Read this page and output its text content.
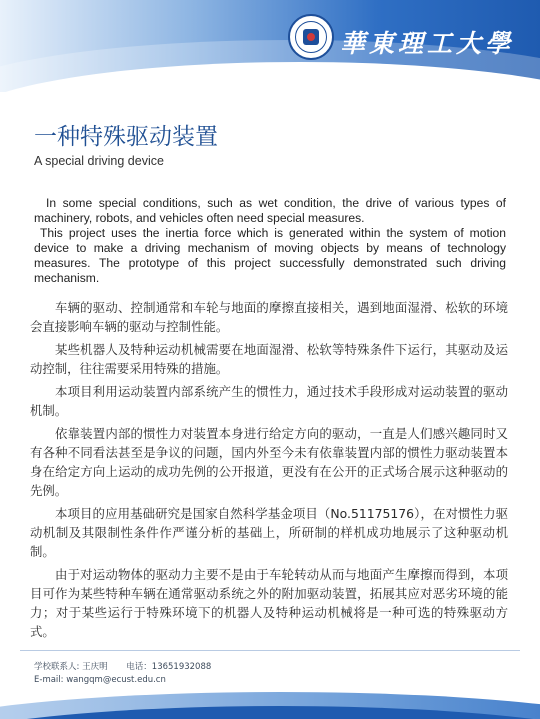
華東理工大學
一种特殊驱动装置
A special driving device

In some special conditions, such as wet condition, the drive of various types of machinery, robots, and vehicles often need special measures.

This project uses the inertia force which is generated within the system of motion device to make a driving mechanism of moving objects by means of technology measures. The prototype of this project successfully demonstrated such driving mechanism.

车辆的驱动、控制通常和车轮与地面的摩擦直接相关，遇到地面湿滑、松软的环境会直接影响车辆的驱动与控制性能。

某些机器人及特种运动机械需要在地面湿滑、松软等特殊条件下运行，其驱动及运动控制，往往需要采用特殊的措施。

本项目利用运动装置内部系统产生的惯性力，通过技术手段形成对运动装置的驱动机制。

依靠装置内部的惯性力对装置本身进行给定方向的驱动，一直是人们感兴趣同时又有各种不同看法甚至是争议的问题，国内外至今未有依靠装置内部的惯性力驱动装置本身在给定方向上运动的成功先例的公开报道，更没有在公开的正式场合展示这种驱动的先例。

本项目的应用基础研究是国家自然科学基金项目（No.51175176），在对惯性力驱动机制及其限制性条件作严谨分析的基础上，所研制的样机成功地展示了这种驱动机制。

由于对运动物体的驱动力主要不是由于车轮转动从而与地面产生摩擦而得到，本项目可作为某些特种车辆在通常驱动系统之外的附加驱动装置，拓展其应对恶劣环境的能力；对于某些运行于特殊环境下的机器人及特种运动机械将是一种可选的特殊驱动方式。

学校联系人: 王庆明 电话：13651932088
E-mail: wangqm@ecust.edu.cn
